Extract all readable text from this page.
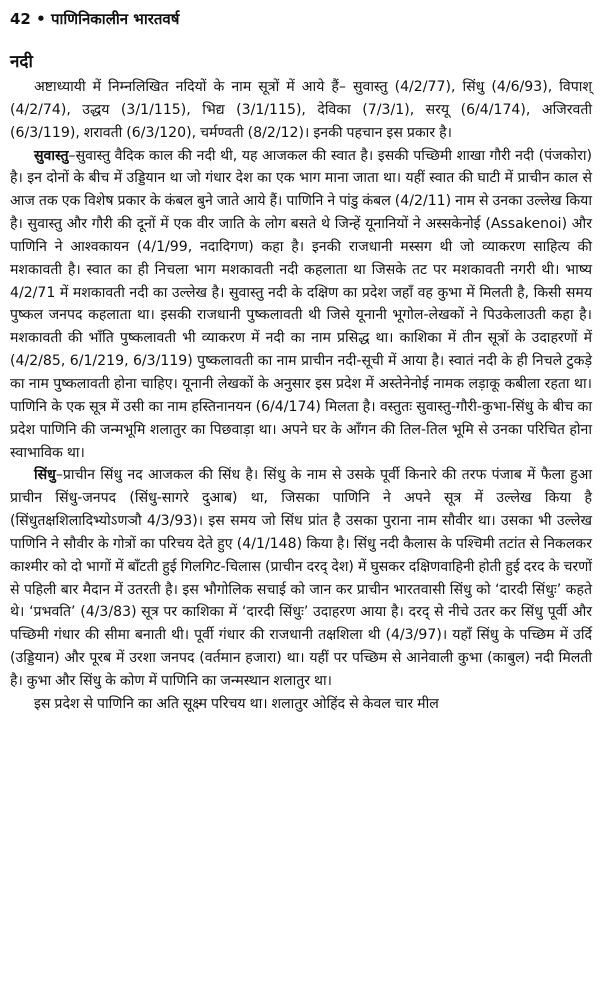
42 • पाणिनिकालीन भारतवर्ष
नदी

अष्टाध्यायी में निम्नलिखित नदियों के नाम सूत्रों में आये हैं– सुवास्तु (4/2/77), सिंधु (4/6/93), विपाश् (4/2/74), उद्धय (3/1/115), भिद्य (3/1/115), देविका (7/3/1), सरयू (6/4/174), अजिरवती (6/3/119), शरावती (6/3/120), चर्मण्वती (8/2/12)। इनकी पहचान इस प्रकार है।

सुवास्तु–सुवास्तु वैदिक काल की नदी थी, यह आजकल की स्वात है। इसकी पच्छिमी शाखा गौरी नदी (पंजकोरा) है। इन दोनों के बीच में उड्डियान था जो गंधार देश का एक भाग माना जाता था। यहीं स्वात की घाटी में प्राचीन काल से आज तक एक विशेष प्रकार के कंबल बुने जाते आये हैं। पाणिनि ने पांडु कंबल (4/2/11) नाम से उनका उल्लेख किया है। सुवास्तु और गौरी की दूनों में एक वीर जाति के लोग बसते थे जिन्हें यूनानियों ने अस्सकेनोई (Assakenoi) और पाणिनि ने आश्वकायन (4/1/99, नदादिगण) कहा है। इनकी राजधानी मस्सग थी जो व्याकरण साहित्य की मशकावती है। स्वात का ही निचला भाग मशकावती नदी कहलाता था जिसके तट पर मशकावती नगरी थी। भाष्य 4/2/71 में मशकावती नदी का उल्लेख है। सुवास्तु नदी के दक्षिण का प्रदेश जहाँ वह कुभा में मिलती है, किसी समय पुष्कल जनपद कहलाता था। इसकी राजधानी पुष्कलावती थी जिसे यूनानी भूगोल-लेखकों ने पिउकेलाउती कहा है। मशकावती की भाँति पुष्कलावती भी व्याकरण में नदी का नाम प्रसिद्ध था। काशिका में तीन सूत्रों के उदाहरणों में (4/2/85, 6/1/219, 6/3/119) पुष्कलावती का नाम प्राचीन नदी-सूची में आया है। स्वातं नदी के ही निचले टुकड़े का नाम पुष्कलावती होना चाहिए। यूनानी लेखकों के अनुसार इस प्रदेश में अस्तेनेनोई नामक लड़ाकू कबीला रहता था। पाणिनि के एक सूत्र में उसी का नाम हस्तिनानयन (6/4/174) मिलता है। वस्तुतः सुवास्तु-गौरी-कुभा-सिंधु के बीच का प्रदेश पाणिनि की जन्मभूमि शलातुर का पिछवाड़ा था। अपने घर के आँगन की तिल-तिल भूमि से उनका परिचित होना स्वाभाविक था।

सिंधु–प्राचीन सिंधु नद आजकल की सिंध है। सिंधु के नाम से उसके पूर्वी किनारे की तरफ पंजाब में फैला हुआ प्राचीन सिंधु-जनपद (सिंधु-सागरे दुआब) था, जिसका पाणिनि ने अपने सूत्र में उल्लेख किया है (सिंधुतक्षशिलादिभ्योऽणञौ 4/3/93)। इस समय जो सिंध प्रांत है उसका पुराना नाम सौवीर था। उसका भी उल्लेख पाणिनि ने सौवीर के गोत्रों का परिचय देते हुए (4/1/148) किया है। सिंधु नदी कैलास के पश्चिमी तटांत से निकलकर काश्मीर को दो भागों में बाँटती हुई गिलगिट-चिलास (प्राचीन दरद् देश) में घुसकर दक्षिणवाहिनी होती हुई दरद के चरणों से पहिली बार मैदान में उतरती है। इस भौगोलिक सचाई को जान कर प्राचीन भारतवासी सिंधु को ‘दारदी सिंधुः’ कहते थे। ‘प्रभवति’ (4/3/83) सूत्र पर काशिका में ‘दारदी सिंधुः’ उदाहरण आया है। दरद् से नीचे उतर कर सिंधु पूर्वी और पच्छिमी गंधार की सीमा बनाती थी। पूर्वी गंधार की राजधानी तक्षशिला थी (4/3/97)। यहाँ सिंधु के पच्छिम में उर्दि (उड्डियान) और पूरब में उरशा जनपद (वर्तमान हजारा) था। यहीं पर पच्छिम से आनेवाली कुभा (काबुल) नदी मिलती है। कुभा और सिंधु के कोण में पाणिनि का जन्मस्थान शलातुर था।

इस प्रदेश से पाणिनि का अति सूक्ष्म परिचय था। शलातुर ओहिंद से केवल चार मील
